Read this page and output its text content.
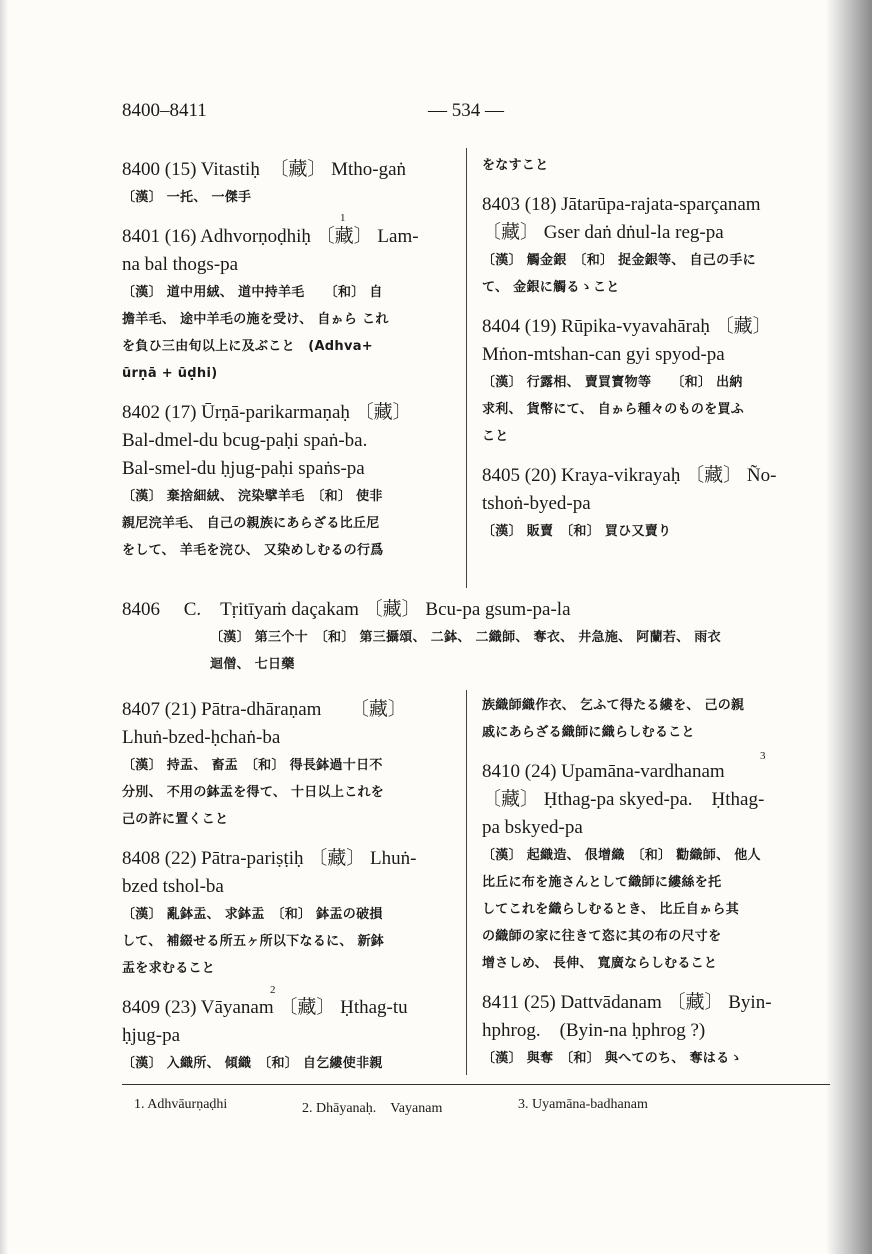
8400–8411	— 534 —
8400 (15) Vitastiḥ　〔藏〕 Mtho-gaṅ
〔漢〕 一托、 一傑手
8401 (16) Adhvorṇoḍhiḥ 〔藏〕 Lam-
na bal thogs-pa
〔漢〕 道中用絨、 道中持羊毛　　〔和〕 自
擔羊毛、 途中羊毛の施を受け、 自ゕら これ
を負ひ三由旬以上に及ぶこと　(Adhva+
ūrṇā + ūḍhi)
8402 (17) Ūrṇā-parikarmaṇaḥ 〔藏〕
Bal-dmel-du bcug-paḥi spaṅ-ba.
Bal-smel-du ḥjug-paḥi spaṅs-pa
〔漢〕 棄捨細絨、 浣染擘羊毛　〔和〕 使非
親尼浣羊毛、 自己の親族にあらざる比丘尼
をして、 羊毛を浣ひ、 又染めしむるの行爲
1
をなすこと
8403 (18) Jātarūpa-rajata-sparçanam
〔藏〕 Gser daṅ dṅul-la reg-pa
〔漢〕 觸金銀　〔和〕 捉金銀等、 自己の手に
て、 金銀に觸るゝこと
8404 (19) Rūpika-vyavahāraḥ 〔藏〕
Mṅon-mtshan-can gyi spyod-pa
〔漢〕 行露相、 賣買寳物等　　〔和〕 出納
求利、 貨幣にて、 自ゕら種々のものを買ふ
こと
8405 (20) Kraya-vikrayaḥ 〔藏〕 Ño-
tshoṅ-byed-pa
〔漢〕 販賣　〔和〕 買ひ又賣り
8406　 C.　Tṛitīyaṁ daçakam 〔藏〕 Bcu-pa gsum-pa-la
〔漢〕 第三个十　〔和〕 第三攝頌、 二鉢、 二織師、 奪衣、 井急施、 阿蘭若、 雨衣
迴僧、 七日藥
8407 (21) Pātra-dhāraṇam　　〔藏〕
Lhuṅ-bzed-ḥchaṅ-ba
〔漢〕 持盂、 畜盂　〔和〕 得長鉢過十日不
分別、 不用の鉢盂を得て、 十日以上これを
己の許に置くこと
8408 (22) Pātra-pariṣṭiḥ 〔藏〕 Lhuṅ-
bzed tshol-ba
〔漢〕 亂鉢盂、 求鉢盂　〔和〕 鉢盂の破損
して、 補綴せる所五ヶ所以下なるに、 新鉢
盂を求むること
8409 (23) Vāyanam 〔藏〕 Ḥthag-tu
ḥjug-pa
〔漢〕 入織所、 傾織　〔和〕 自乞縷使非親
2
族織師織作衣、 乞ふて得たる縷を、 己の親
戚にあらざる織師に織らしむること
8410 (24) Upamāna-vardhanam
〔藏〕 Ḥthag-pa skyed-pa.　Ḥthag-
pa bskyed-pa
〔漢〕 起織造、 佷增織　〔和〕 勸織師、 他人
比丘に布を施さんとして織師に縷絲を托
してこれを織らしむるとき、 比丘自ゕら其
の織師の家に往きて恣に其の布の尺寸を
增さしめ、 長伸、 寬廣ならしむること
8411 (25) Dattvādanam 〔藏〕 Byin-
hphrog.　(Byin-na ḥphrog ?)
〔漢〕 與奪　〔和〕 與へてのち、 奪はるゝ
3
1. Adhvāurṇaḍhi	2. Dhāyanaḥ.　Vayanam	3. Uyamāna-badhanam
